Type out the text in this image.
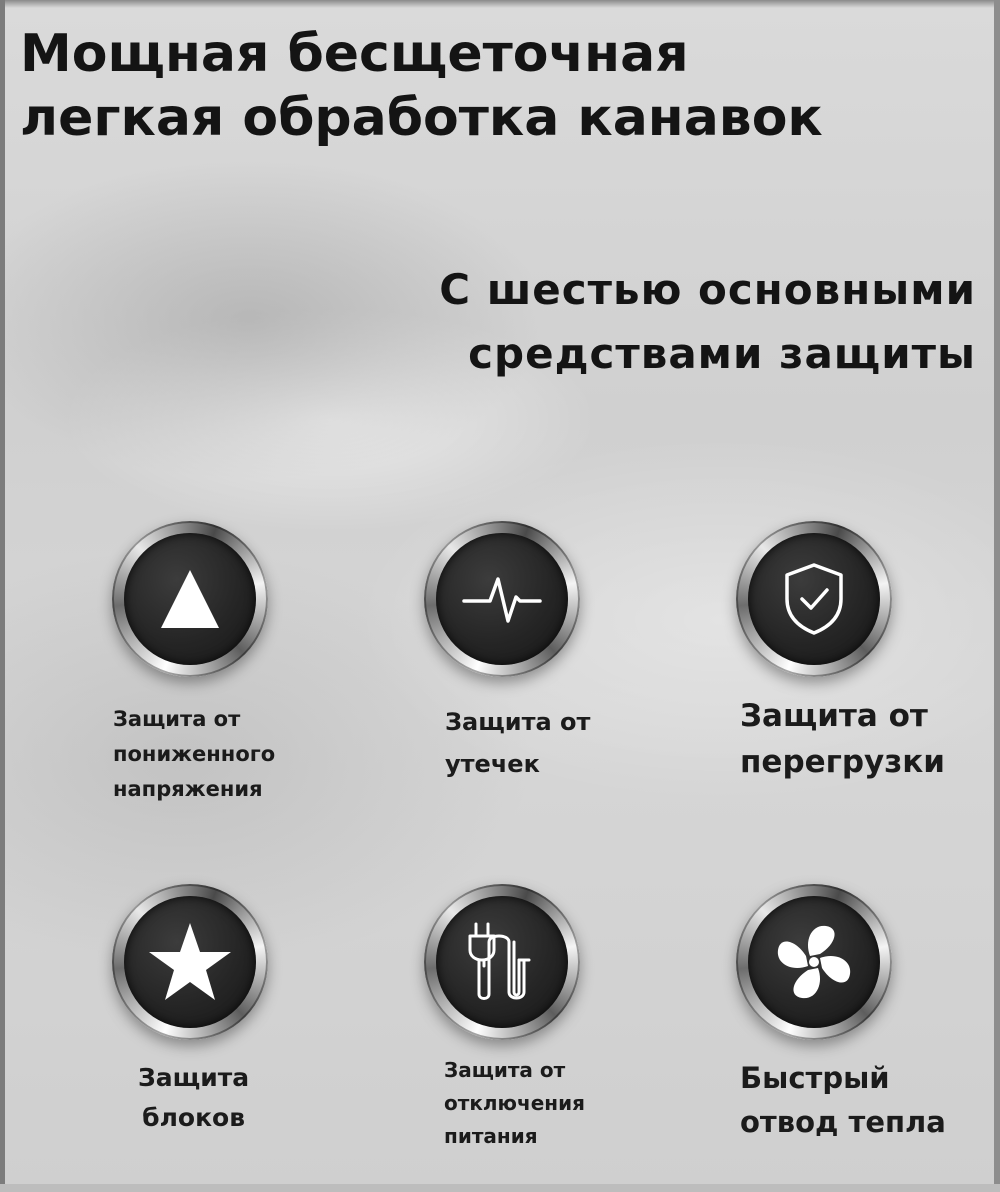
Мощная бесщеточная
легкая обработка канавок
С шестью основными
средствами защиты

Защита от
пониженного
напряжения

Защита от
утечек

Защита от
перегрузки

Защита
блоков

Защита от
отключения
питания

Быстрый
отвод тепла
